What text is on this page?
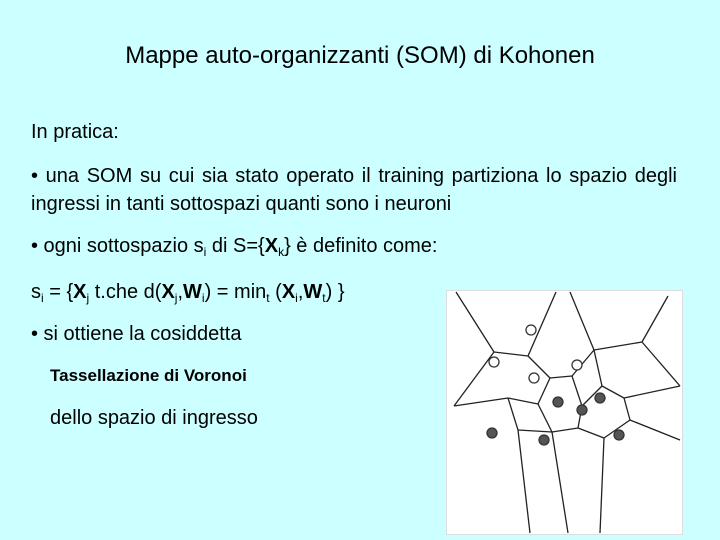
Mappe auto-organizzanti (SOM) di Kohonen

In pratica:

• una SOM su cui sia stato operato il training partiziona lo spazio degli ingressi in tanti sottospazi quanti sono i neuroni

• ogni sottospazio $s_i$ di $S=\{X_k\}$ è definito come:

$s_i = \{X_j$ t.che $d(X_j,W_i) = \min_t (X_i,W_t)$ }

• si ottiene la cosiddetta

Tassellazione di Voronoi

dello spazio di ingresso
